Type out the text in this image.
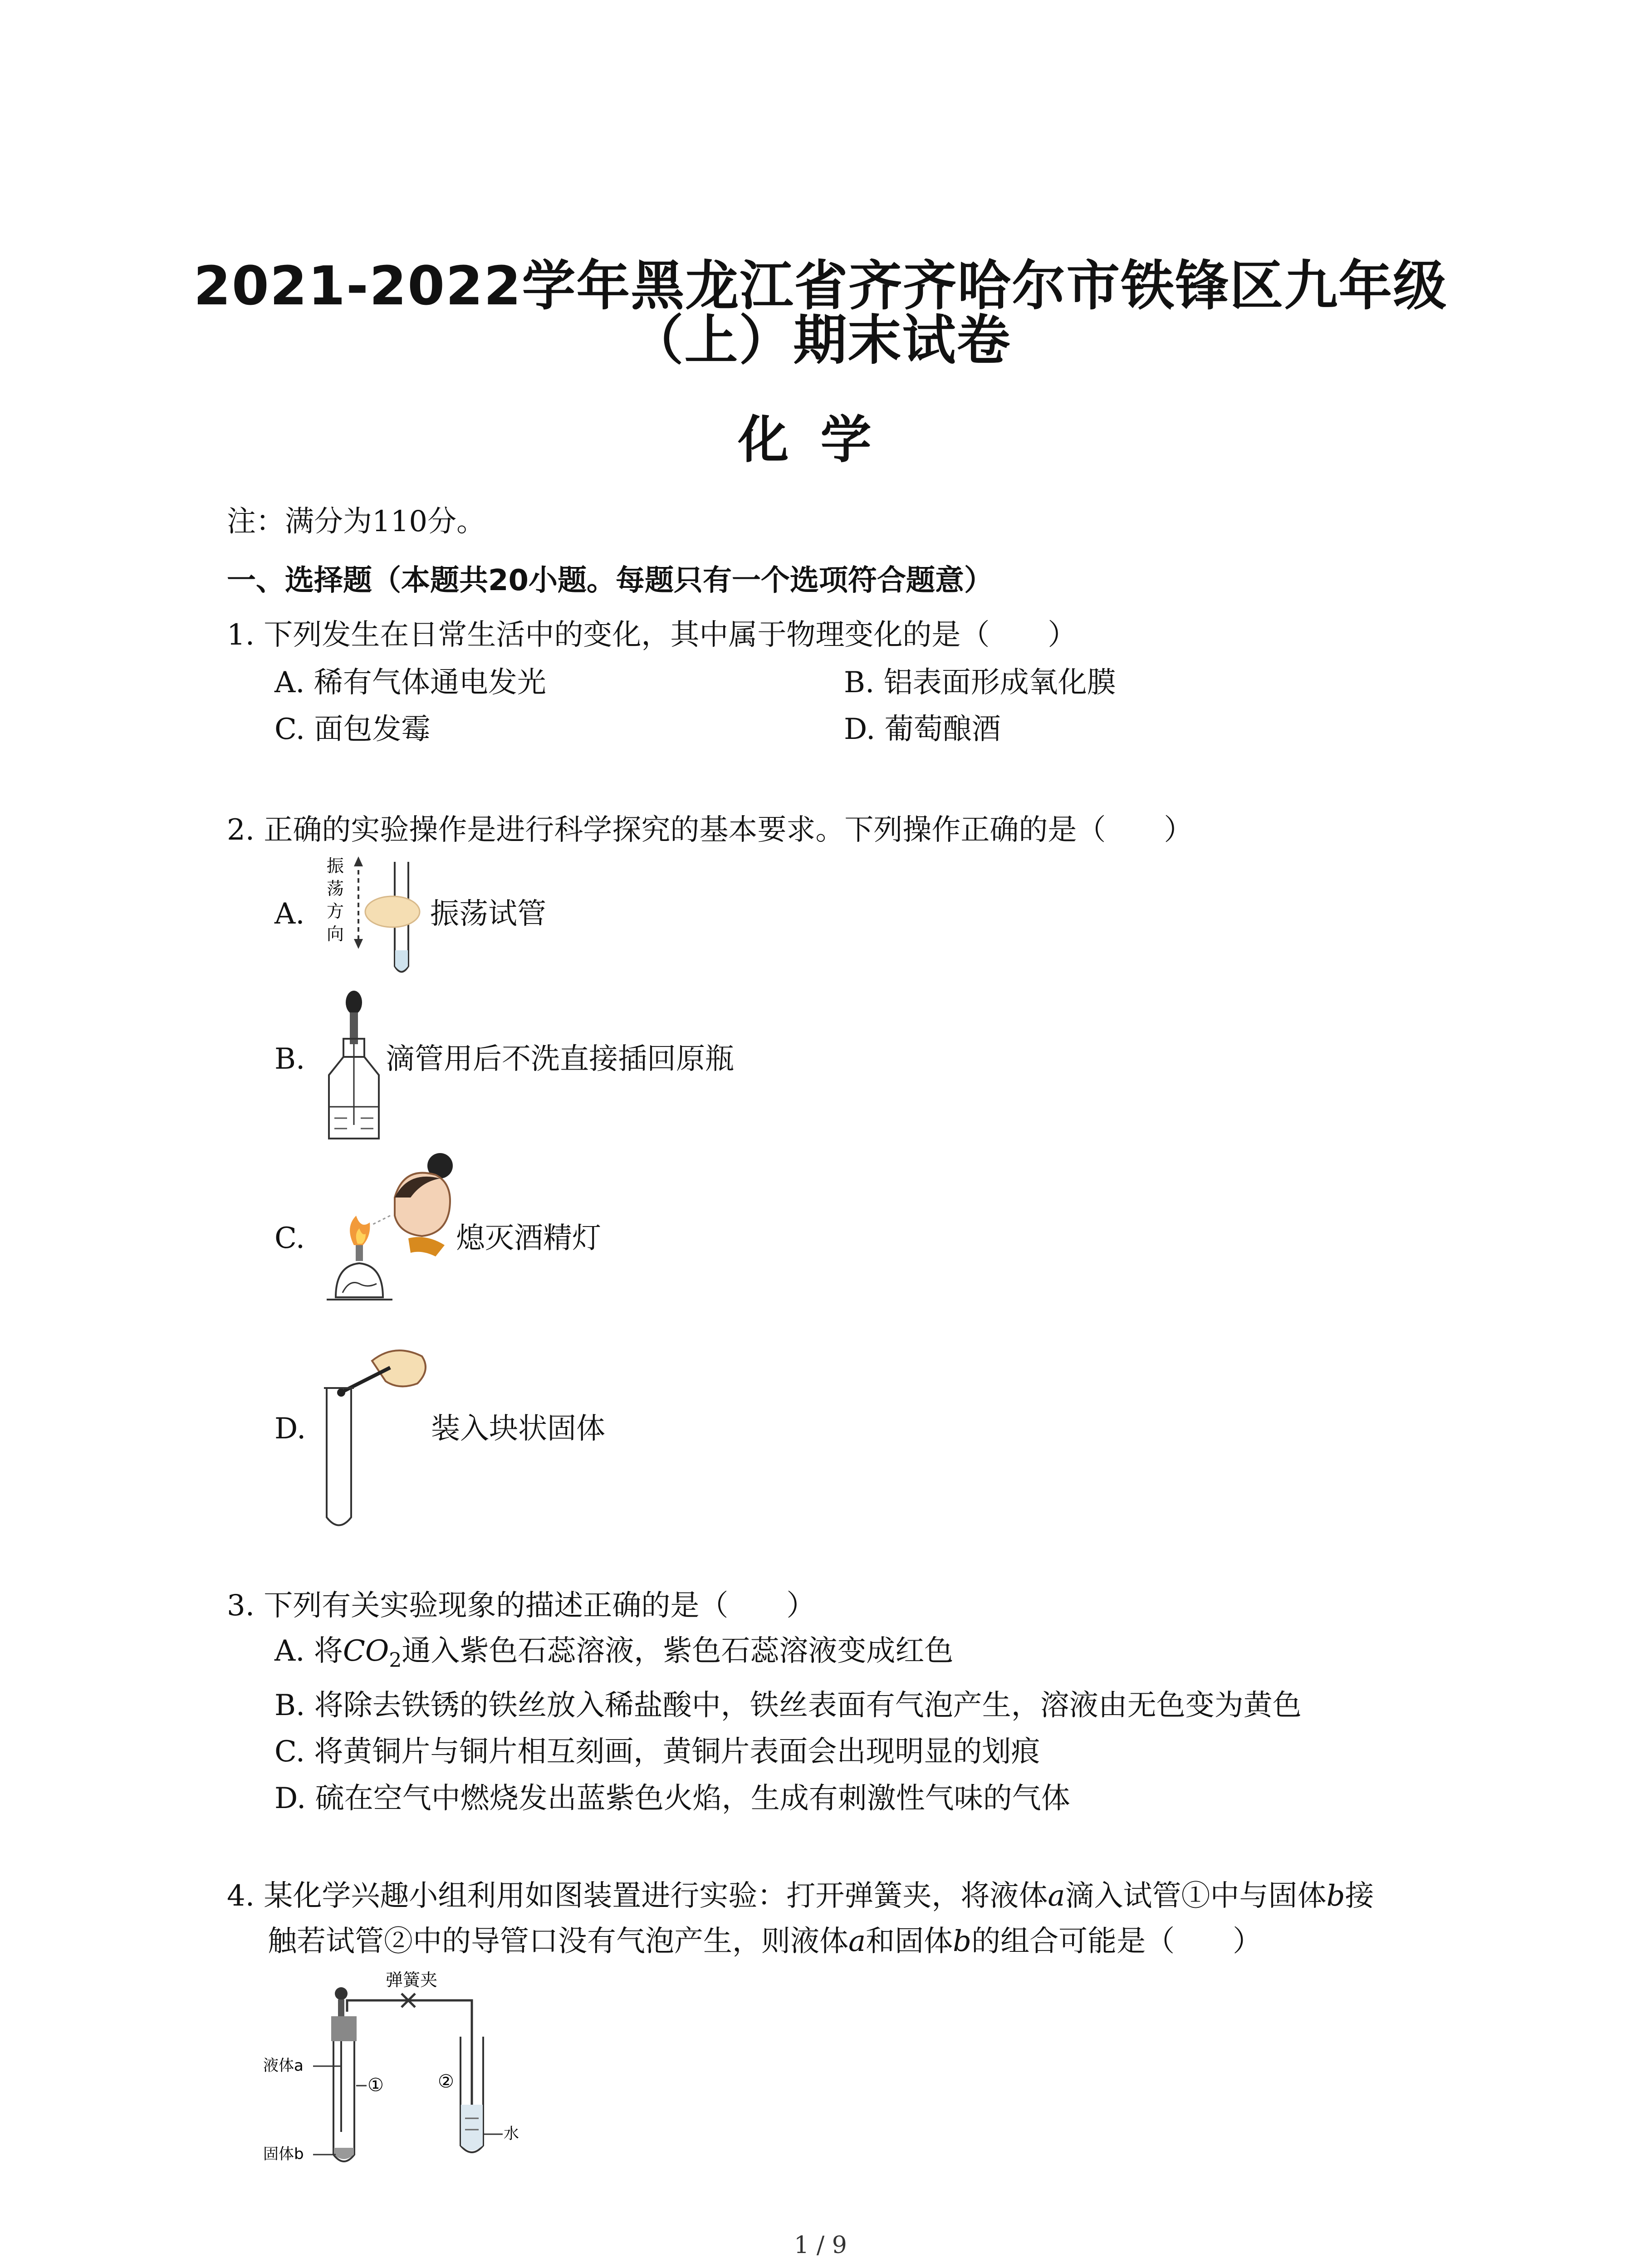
2021-2022学年黑龙江省齐齐哈尔市铁锋区九年级
（上）期末试卷
化学
注：满分为110分。
一、选择题（本题共20小题。每题只有一个选项符合题意）
1. 下列发生在日常生活中的变化，其中属于物理变化的是（　　）
A. 稀有气体通电发光	B. 铝表面形成氧化膜
C. 面包发霉	D. 葡萄酿酒
2. 正确的实验操作是进行科学探究的基本要求。下列操作正确的是（　　）
A.
振
荡
方
向
振荡试管
B.	滴管用后不洗直接插回原瓶
C.	熄灭酒精灯
D.	装入块状固体
3. 下列有关实验现象的描述正确的是（　　）
A. 将$CO_2$通入紫色石蕊溶液，紫色石蕊溶液变成红色
B. 将除去铁锈的铁丝放入稀盐酸中，铁丝表面有气泡产生，溶液由无色变为黄色
C. 将黄铜片与铜片相互刻画，黄铜片表面会出现明显的划痕
D. 硫在空气中燃烧发出蓝紫色火焰，生成有刺激性气味的气体
4. 某化学兴趣小组利用如图装置进行实验：打开弹簧夹，将液体a滴入试管①中与固体b接
触若试管②中的导管口没有气泡产生，则液体a和固体b的组合可能是（　　）
弹簧夹
液体a
①
固体b
②
水
1 / 9
